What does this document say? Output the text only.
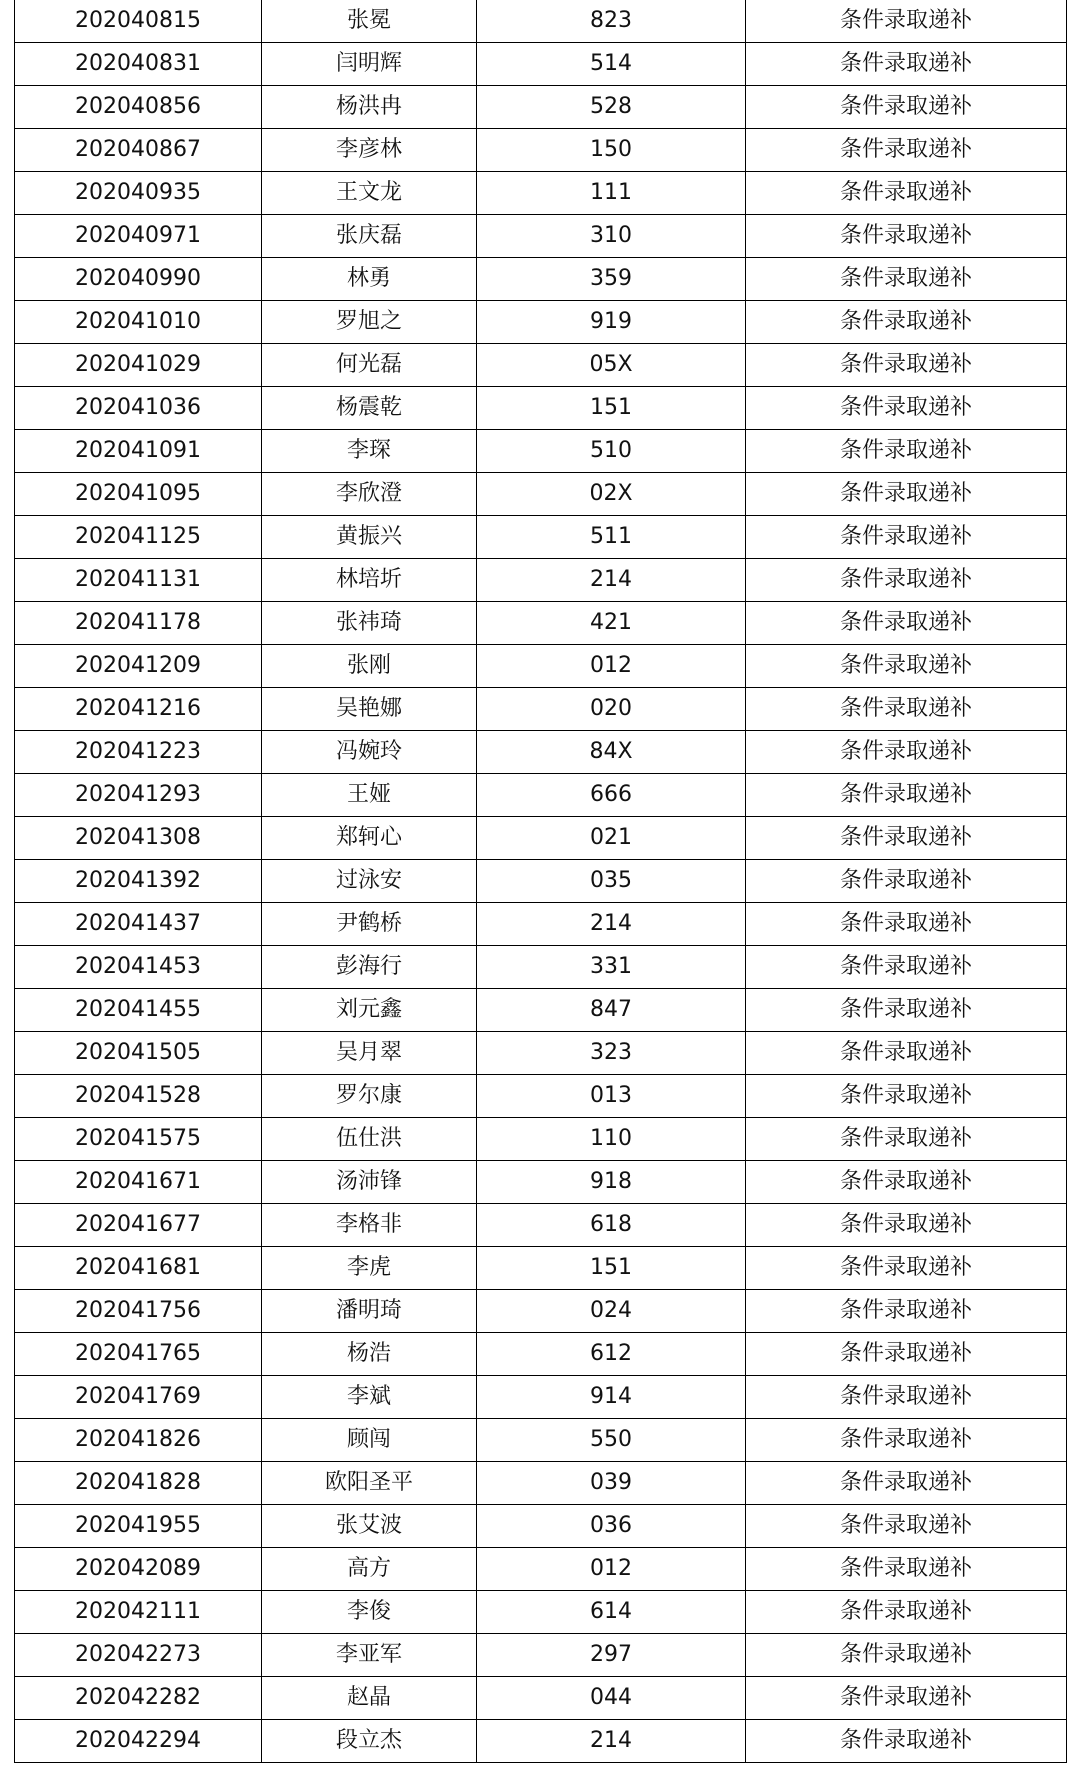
202040815	张冕	823	条件录取递补
202040831	闫明辉	514	条件录取递补
202040856	杨洪冉	528	条件录取递补
202040867	李彦林	150	条件录取递补
202040935	王文龙	111	条件录取递补
202040971	张庆磊	310	条件录取递补
202040990	林勇	359	条件录取递补
202041010	罗旭之	919	条件录取递补
202041029	何光磊	05X	条件录取递补
202041036	杨震乾	151	条件录取递补
202041091	李琛	510	条件录取递补
202041095	李欣澄	02X	条件录取递补
202041125	黄振兴	511	条件录取递补
202041131	林培圻	214	条件录取递补
202041178	张祎琦	421	条件录取递补
202041209	张刚	012	条件录取递补
202041216	吴艳娜	020	条件录取递补
202041223	冯婉玲	84X	条件录取递补
202041293	王娅	666	条件录取递补
202041308	郑轲心	021	条件录取递补
202041392	过泳安	035	条件录取递补
202041437	尹鹤桥	214	条件录取递补
202041453	彭海行	331	条件录取递补
202041455	刘元鑫	847	条件录取递补
202041505	吴月翠	323	条件录取递补
202041528	罗尔康	013	条件录取递补
202041575	伍仕洪	110	条件录取递补
202041671	汤沛锋	918	条件录取递补
202041677	李格非	618	条件录取递补
202041681	李虎	151	条件录取递补
202041756	潘明琦	024	条件录取递补
202041765	杨浩	612	条件录取递补
202041769	李斌	914	条件录取递补
202041826	顾闯	550	条件录取递补
202041828	欧阳圣平	039	条件录取递补
202041955	张艾波	036	条件录取递补
202042089	高方	012	条件录取递补
202042111	李俊	614	条件录取递补
202042273	李亚军	297	条件录取递补
202042282	赵晶	044	条件录取递补
202042294	段立杰	214	条件录取递补
